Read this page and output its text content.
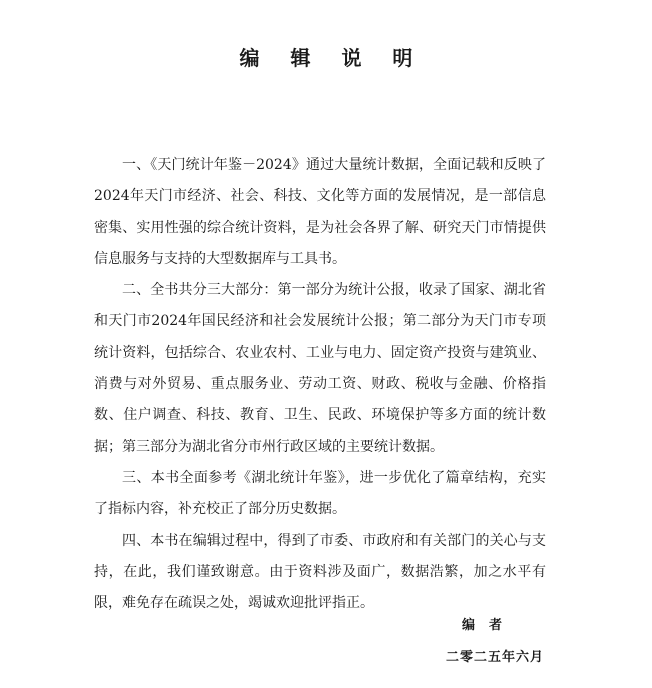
编 辑 说 明

一、《天门统计年鉴－2024》通过大量统计数据，全面记载和反映了2024年天门市经济、社会、科技、文化等方面的发展情况，是一部信息密集、实用性强的综合统计资料，是为社会各界了解、研究天门市情提供信息服务与支持的大型数据库与工具书。

二、全书共分三大部分：第一部分为统计公报，收录了国家、湖北省和天门市2024年国民经济和社会发展统计公报；第二部分为天门市专项统计资料，包括综合、农业农村、工业与电力、固定资产投资与建筑业、消费与对外贸易、重点服务业、劳动工资、财政、税收与金融、价格指数、住户调查、科技、教育、卫生、民政、环境保护等多方面的统计数据；第三部分为湖北省分市州行政区域的主要统计数据。

三、本书全面参考《湖北统计年鉴》，进一步优化了篇章结构，充实了指标内容，补充校正了部分历史数据。

四、本书在编辑过程中，得到了市委、市政府和有关部门的关心与支持，在此，我们谨致谢意。由于资料涉及面广，数据浩繁，加之水平有限，难免存在疏误之处，竭诚欢迎批评指正。

编者
二零二五年六月
